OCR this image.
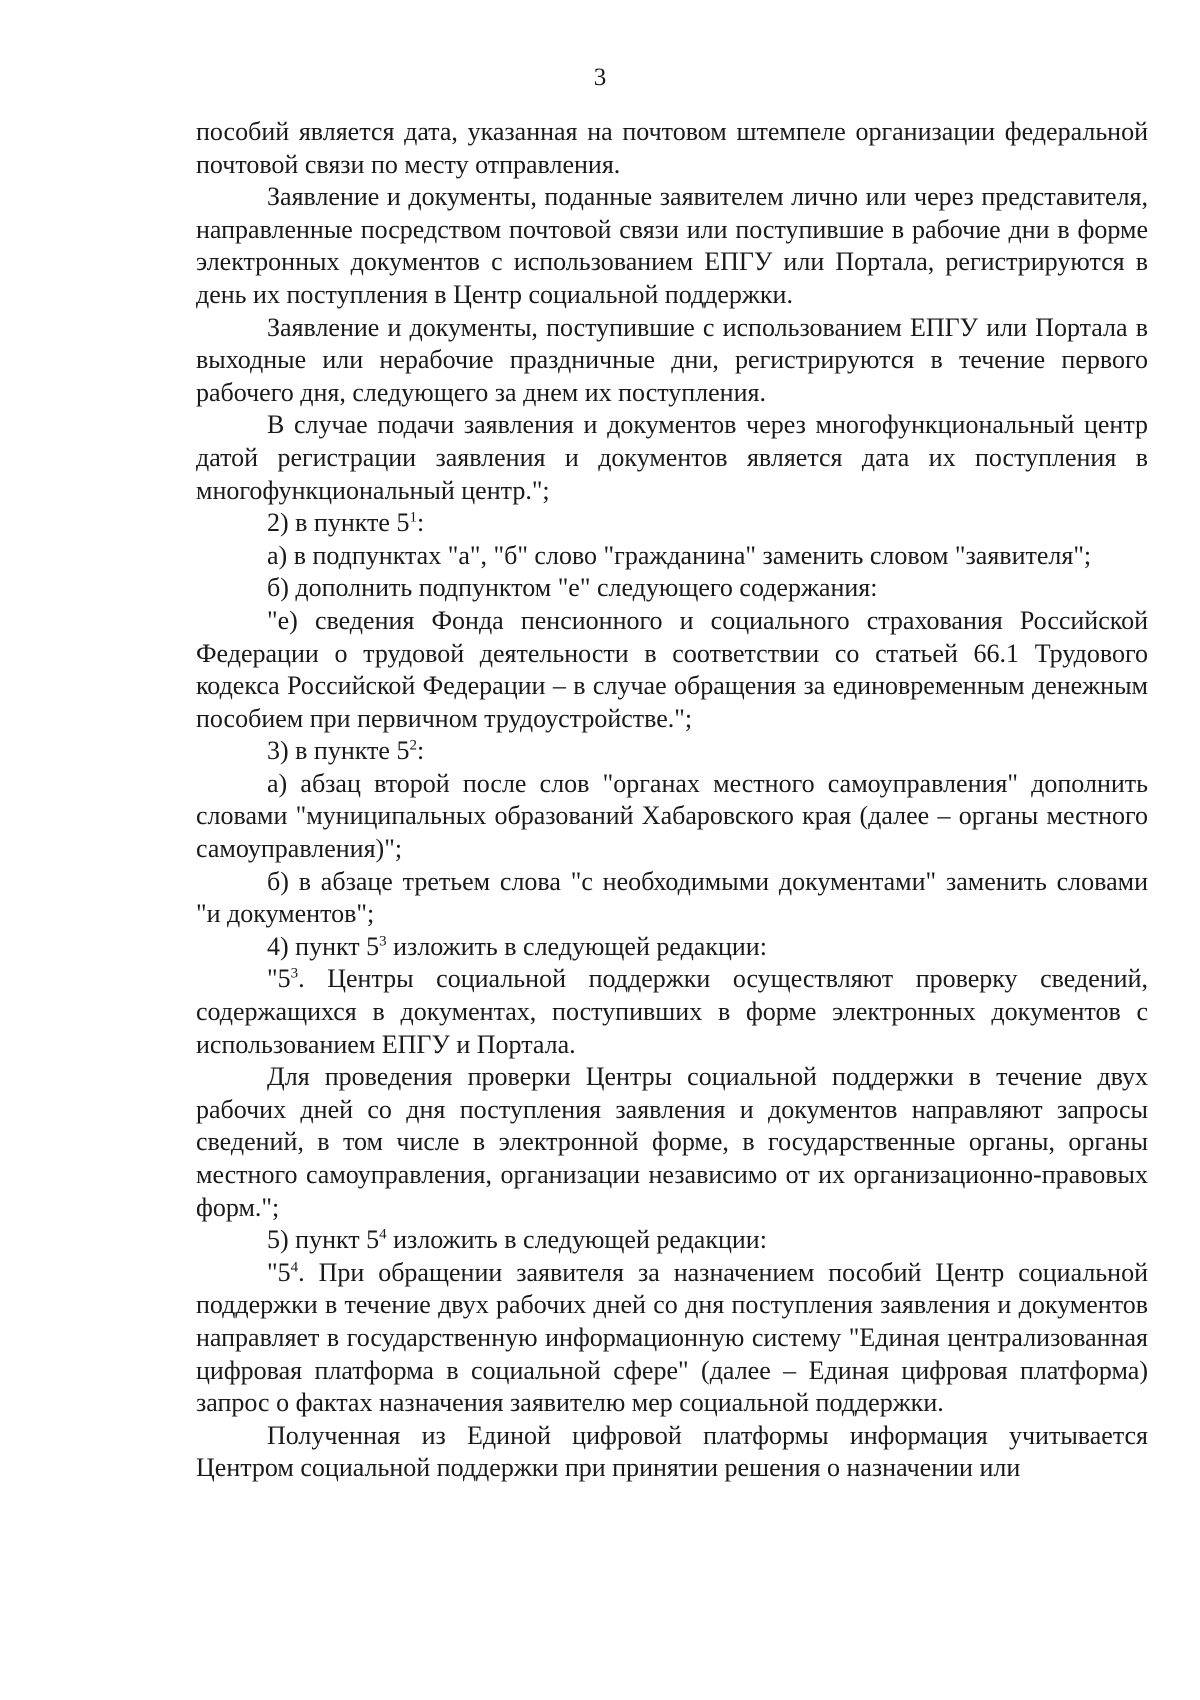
3

пособий является дата, указанная на почтовом штемпеле организации федеральной почтовой связи по месту отправления.

Заявление и документы, поданные заявителем лично или через представителя, направленные посредством почтовой связи или поступившие в рабочие дни в форме электронных документов с использованием ЕПГУ или Портала, регистрируются в день их поступления в Центр социальной поддержки.

Заявление и документы, поступившие с использованием ЕПГУ или Портала в выходные или нерабочие праздничные дни, регистрируются в течение первого рабочего дня, следующего за днем их поступления.

В случае подачи заявления и документов через многофункциональный центр датой регистрации заявления и документов является дата их поступления в многофункциональный центр.";

2) в пункте $5^1$:

а) в подпунктах "а", "б" слово "гражданина" заменить словом "заявителя";

б) дополнить подпунктом "е" следующего содержания:

"е) сведения Фонда пенсионного и социального страхования Российской Федерации о трудовой деятельности в соответствии со статьей 66.1 Трудового кодекса Российской Федерации – в случае обращения за единовременным денежным пособием при первичном трудоустройстве.";

3) в пункте $5^2$:

а) абзац второй после слов "органах местного самоуправления" дополнить словами "муниципальных образований Хабаровского края (далее – органы местного самоуправления)";

б) в абзаце третьем слова "с необходимыми документами" заменить словами "и документов";

4) пункт $5^3$ изложить в следующей редакции:

"$5^3$. Центры социальной поддержки осуществляют проверку сведений, содержащихся в документах, поступивших в форме электронных документов с использованием ЕПГУ и Портала.

Для проведения проверки Центры социальной поддержки в течение двух рабочих дней со дня поступления заявления и документов направляют запросы сведений, в том числе в электронной форме, в государственные органы, органы местного самоуправления, организации независимо от их организационно-правовых форм.";

5) пункт $5^4$ изложить в следующей редакции:

"$5^4$. При обращении заявителя за назначением пособий Центр социальной поддержки в течение двух рабочих дней со дня поступления заявления и документов направляет в государственную информационную систему "Единая централизованная цифровая платформа в социальной сфере" (далее – Единая цифровая платформа) запрос о фактах назначения заявителю мер социальной поддержки.

Полученная из Единой цифровой платформы информация учитывается Центром социальной поддержки при принятии решения о назначении или
